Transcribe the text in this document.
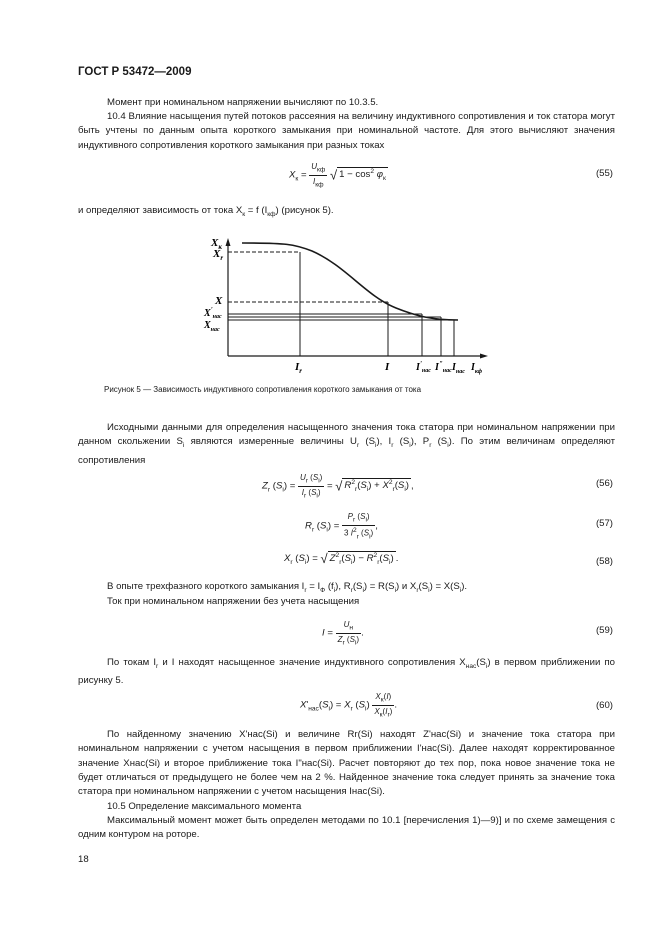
ГОСТ Р 53472—2009
Момент при номинальном напряжении вычисляют по 10.3.5.
10.4 Влияние насыщения путей потоков рассеяния на величину индуктивного сопротивления и ток статора могут быть учтены по данным опыта короткого замыкания при номинальной частоте. Для этого вычисляют значения индуктивного сопротивления короткого замыкания при разных токах
$X_к = \frac{U_{кф}}{I_{кф}}$ √ $1 - \cos^2 \varphi_к$
(55)
и определяют зависимость от тока $X_к = f$ $(I_{кф})$ (рисунок 5).
$X_к$
$X_r$
X
$X'_{нас}$
$X_{нас}$
$I_r$	I	$I'_{нас}$ $I^"_{нас}$ $I_{нас}$ $I_{кф}$
Рисунок 5 — Зависимость индуктивного сопротивления короткого замыкания от тока
Исходными данными для определения насыщенного значения тока статора при номинальном напряжении при данном скольжении $S_i$ являются измеренные величины $U_r$ $(S_i)$, $I_r$ $(S_i)$, $P_r$ $(S_i)$. По этим величинам определяют сопротивления
$Z_r$ $(S_i) = \frac{U_r (S_i)}{I_r (S_i)}$ = √ $R^2_r(S_i) + X^2_r(S_i)$ ,	(56)
$R_r$ $(S_i) = \frac{P_r (S_i)}{3 I^2_r (S_i)}$ ,	(57)
$X_r$ $(S_i)$ = √ $Z^2_r(S_i) - R^2_r(S_i)$ .	(58)
В опыте трехфазного короткого замыкания $I_r = I_Ф$ $(f_i)$, $R_r(S_i) = R(S_i)$ и $X_r(S_i) = X(S_i)$.
Ток при номинальном напряжении без учета насыщения
$I = \frac{U_н}{Z_r (S_i)}$ .	(59)
По токам $I_r$ и I находят насыщенное значение индуктивного сопротивления $X_{нас}(S_i)$ в первом приближении по рисунку 5.
$X'_{нас}(S_i) = X_r$ $(S_i) \frac{X_к(I)}{X_к(I_r)}$ .	(60)
По найденному значению X'нас(Si) и величине Rr(Si) находят Z'нас(Si) и значение тока статора при номинальном напряжении с учетом насыщения в первом приближении I'нас(Si). Далее находят корректированное значение Xнас(Si) и второе приближение тока I"нас(Si). Расчет повторяют до тех пор, пока новое значение тока не будет отличаться от предыдущего не более чем на 2 %. Найденное значение тока следует принять за значение тока статора при номинальном напряжении с учетом насыщения Iнас(Si).
10.5 Определение максимального момента
Максимальный момент может быть определен методами по 10.1 [перечисления 1)—9)] и по схеме замещения с одним контуром на роторе.
18
